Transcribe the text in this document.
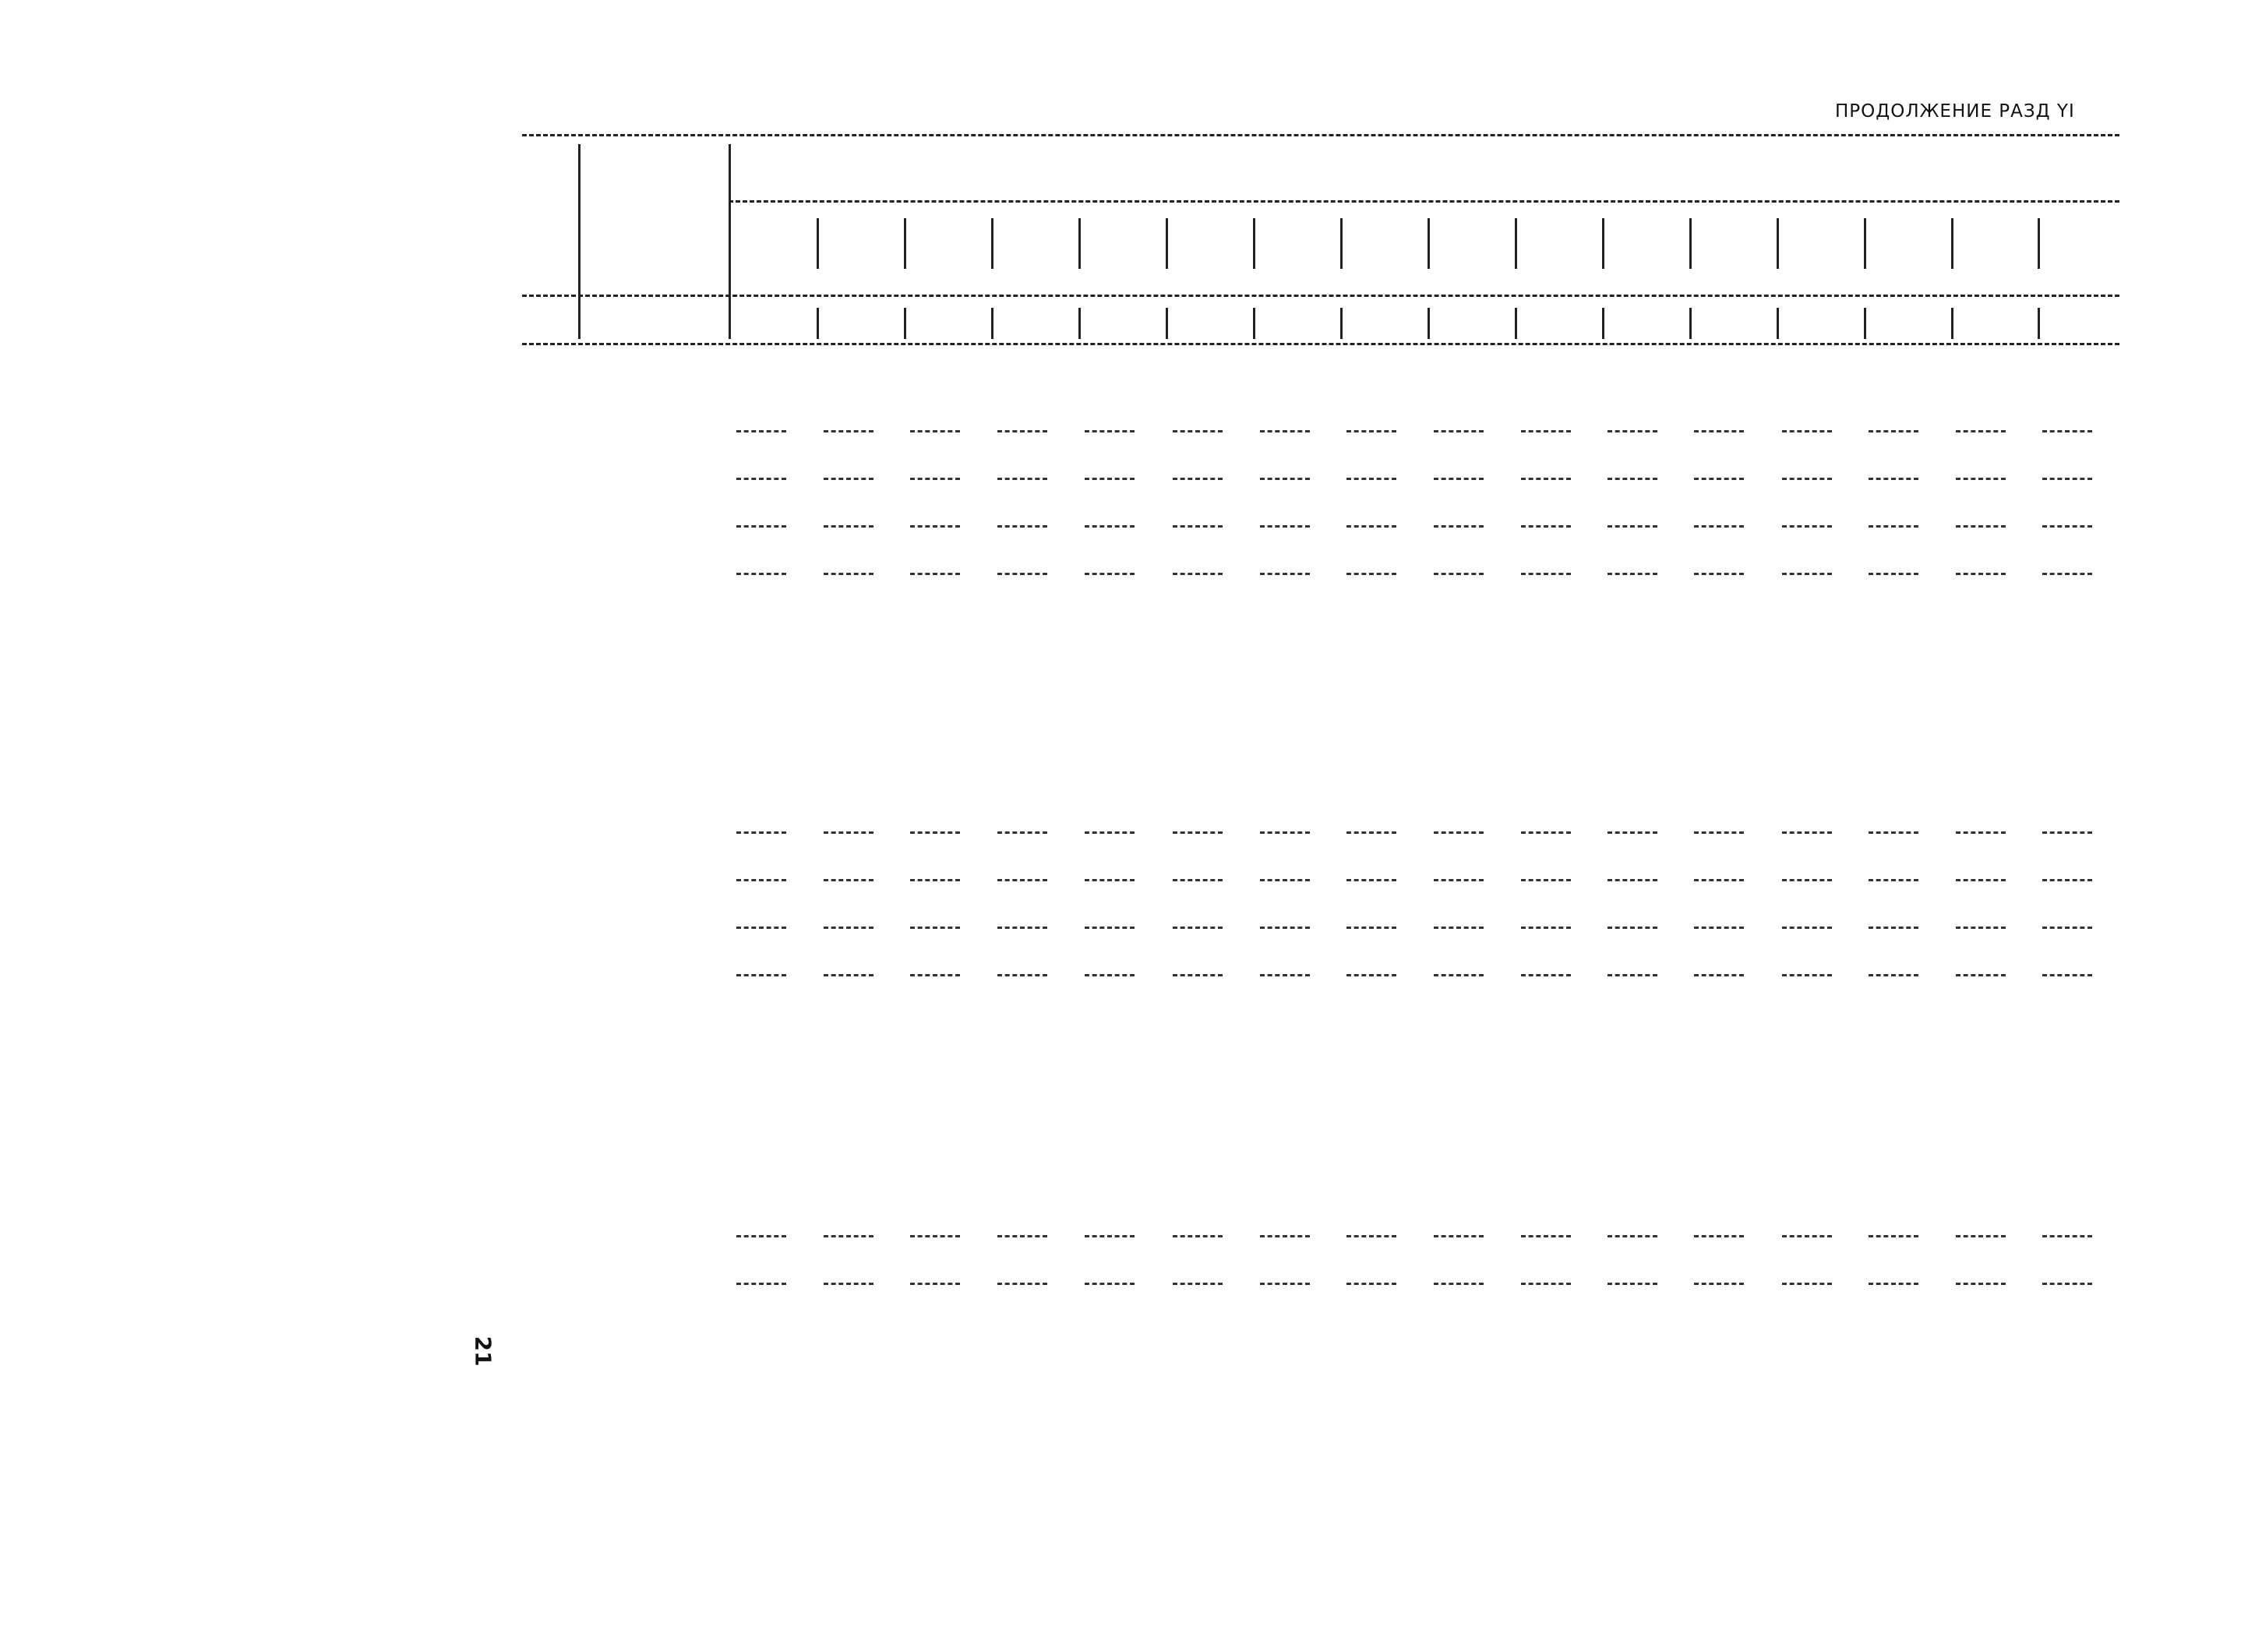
ПРОДОЛЖЕНИЕ РАЗД YI
21
